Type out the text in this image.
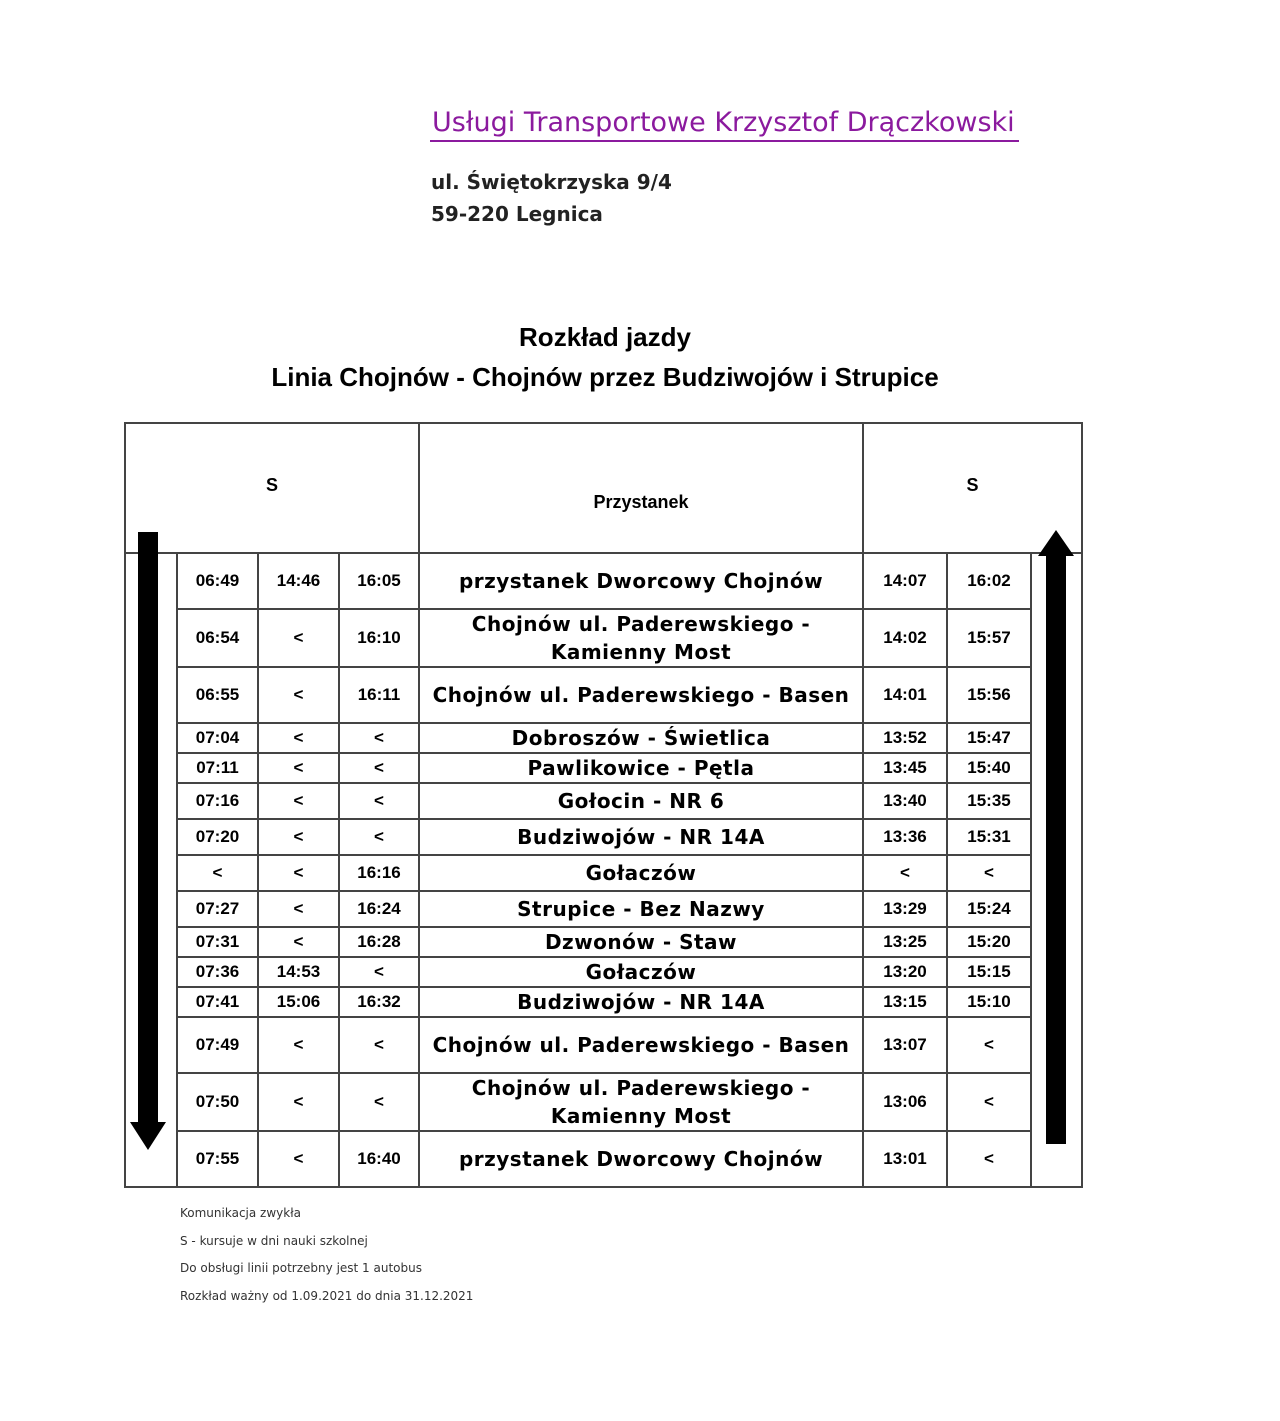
Usługi Transportowe Krzysztof Drączkowski
ul. Świętokrzyska 9/4
59-220 Legnica
Rozkład jazdy
Linia Chojnów - Chojnów przez Budziwojów i Strupice
S				Przystanek	S		
	06:49	14:46	16:05	przystanek Dworcowy Chojnów	14:07	16:02	
	06:54	<	16:10	Chojnów ul. Paderewskiego - Kamienny Most	14:02	15:57	
	06:55	<	16:11	Chojnów ul. Paderewskiego - Basen	14:01	15:56	
	07:04	<	<	Dobroszów - Świetlica	13:52	15:47	
	07:11	<	<	Pawlikowice - Pętla	13:45	15:40	
	07:16	<	<	Gołocin - NR 6	13:40	15:35	
	07:20	<	<	Budziwojów - NR 14A	13:36	15:31	
	<	<	16:16	Gołaczów	<	<	
	07:27	<	16:24	Strupice - Bez Nazwy	13:29	15:24	
	07:31	<	16:28	Dzwonów - Staw	13:25	15:20	
	07:36	14:53	<	Gołaczów	13:20	15:15	
	07:41	15:06	16:32	Budziwojów - NR 14A	13:15	15:10	
	07:49	<	<	Chojnów ul. Paderewskiego - Basen	13:07	<	
	07:50	<	<	Chojnów ul. Paderewskiego - Kamienny Most	13:06	<	
	07:55	<	16:40	przystanek Dworcowy Chojnów	13:01	<	
Komunikacja zwykła
S - kursuje w dni nauki szkolnej
Do obsługi linii potrzebny jest 1 autobus
Rozkład ważny od 1.09.2021 do dnia 31.12.2021
